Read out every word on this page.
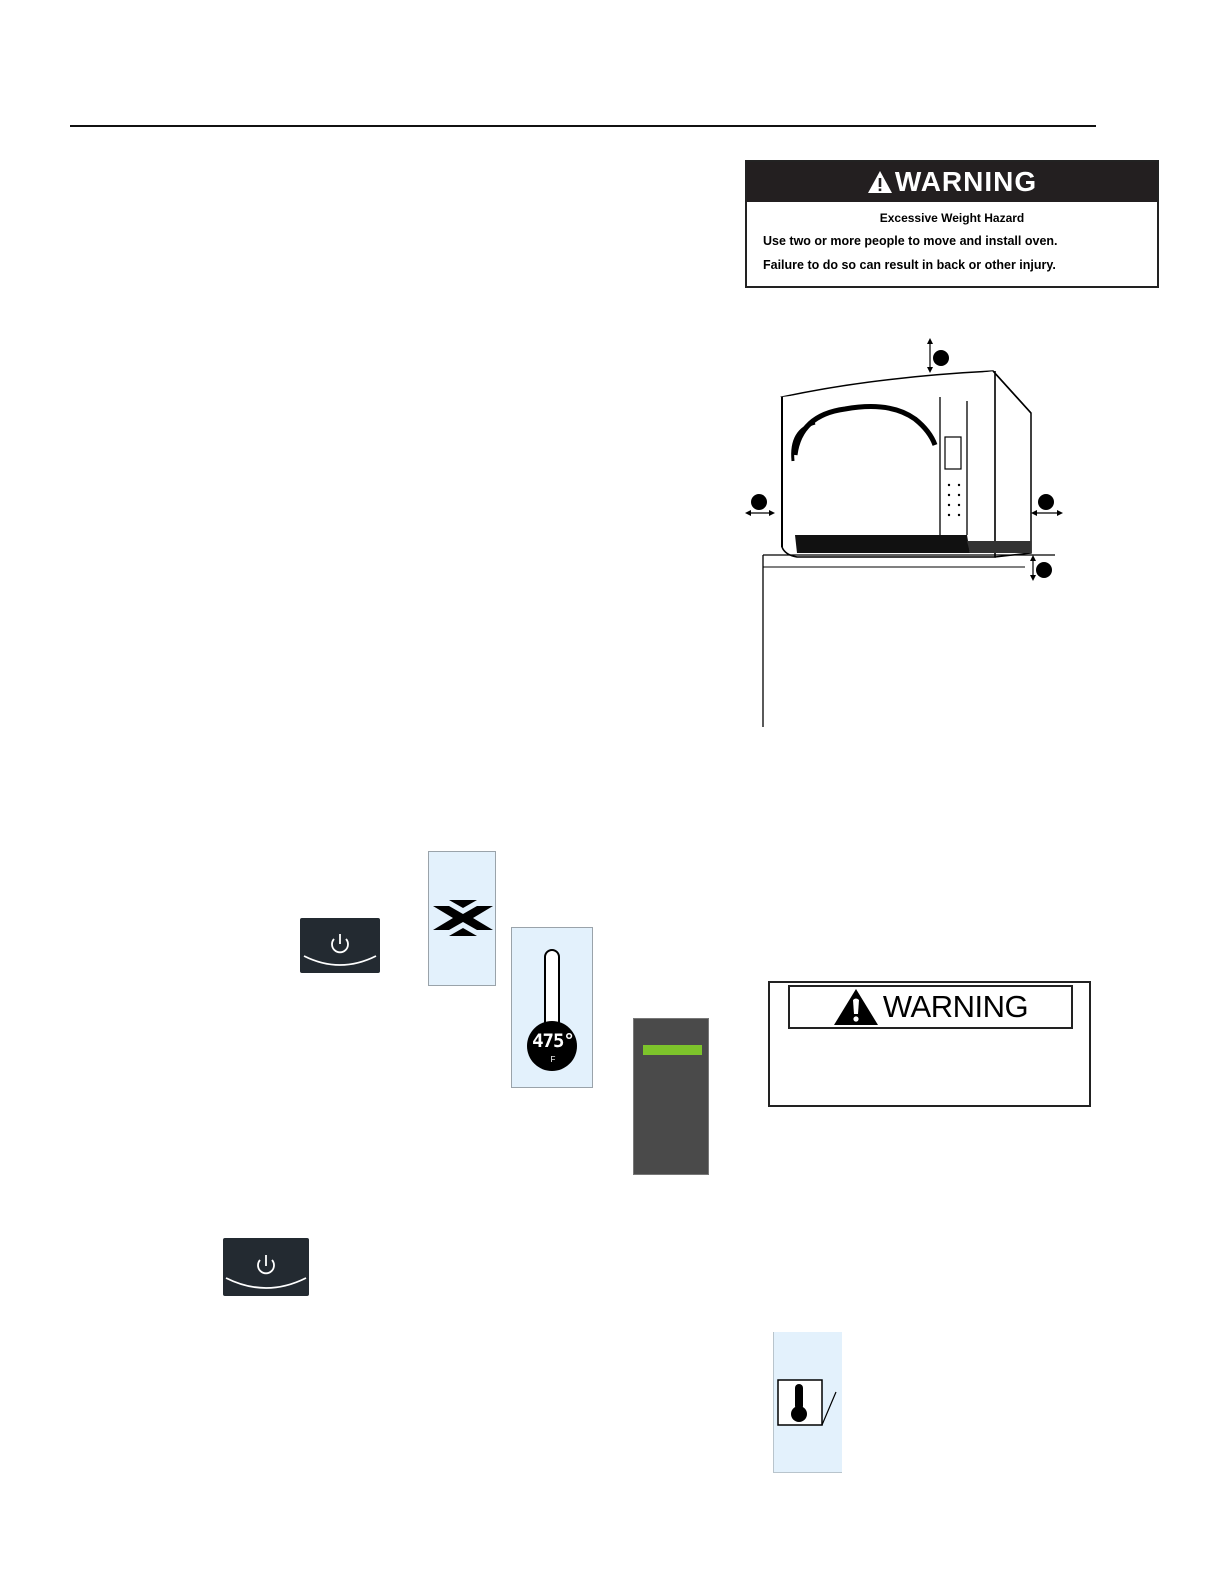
WARNING
Excessive Weight Hazard
Use two or more people to move and install oven.
Failure to do so can result in back or other injury.
475°
F
WARNING
